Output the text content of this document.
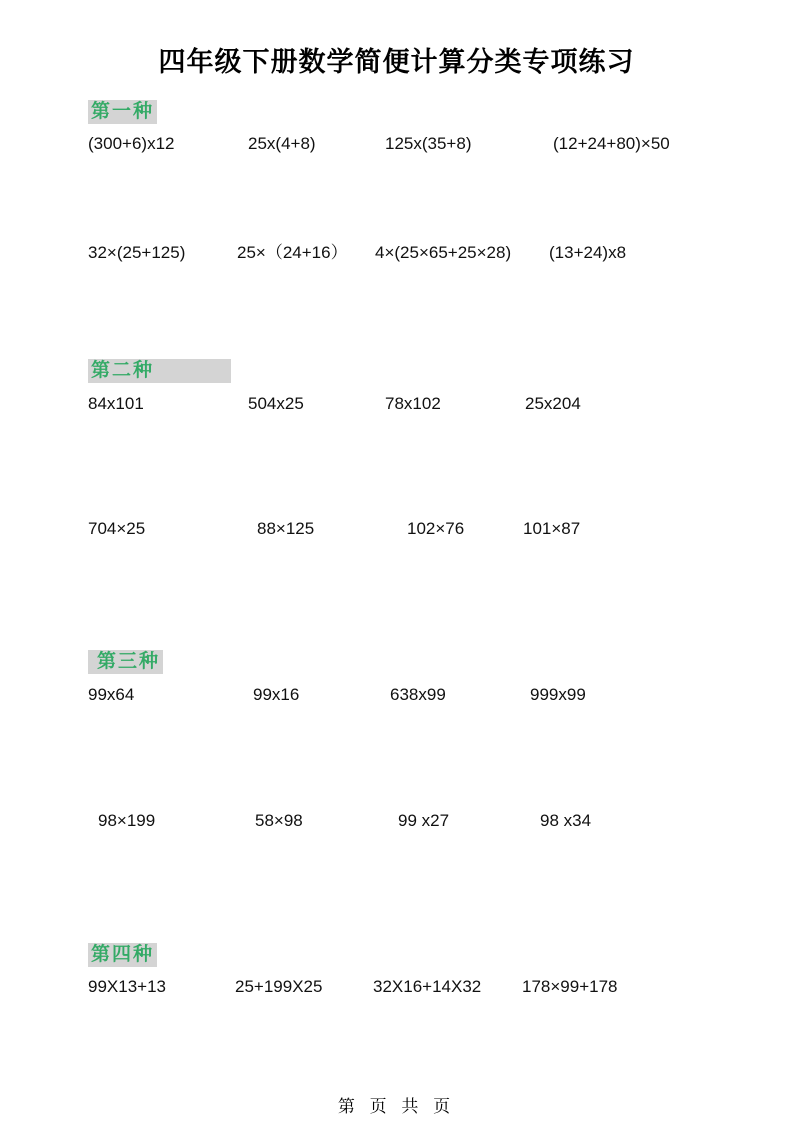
四年级下册数学简便计算分类专项练习
第一种
(300+6)x12	25x(4+8)	125x(35+8)	(12+24+80)×50
32×(25+125)	25×（24+16）	4×(25×65+25×28)	(13+24)x8
第二种
84x101	504x25	78x102	25x204
704×25	88×125	102×76	101×87
第三种
99x64	99x16	638x99	999x99
98×199	58×98	99 x27	98 x34
第四种
99X13+13	25+199X25	32X16+14X32	178×99+178
第 页 共 页
